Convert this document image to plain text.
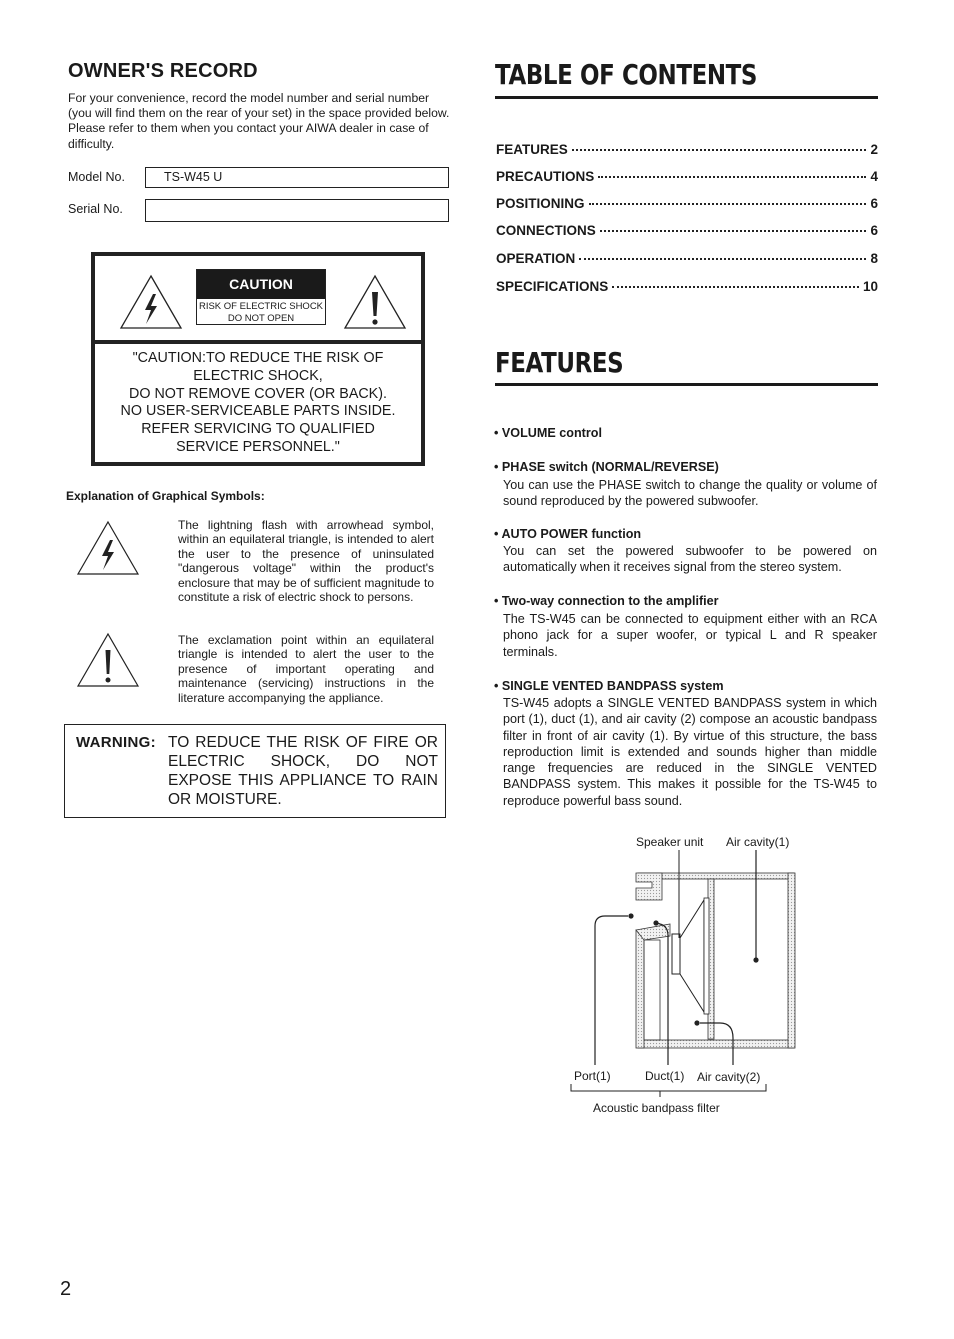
OWNER'S RECORD

For your convenience, record the model number and serial number (you will find them on the rear of your set) in the space provided below. Please refer to them when you contact your AIWA dealer in case of difficulty.

Model No.	TS-W45 U
Serial No.
CAUTION
RISK OF ELECTRIC SHOCK
DO NOT OPEN
"CAUTION:TO REDUCE THE RISK OF
ELECTRIC SHOCK,
DO NOT REMOVE COVER (OR BACK).
NO USER-SERVICEABLE PARTS INSIDE.
REFER SERVICING TO QUALIFIED
SERVICE PERSONNEL."
Explanation of Graphical Symbols:

The lightning flash with arrowhead symbol, within an equilateral triangle, is intended to alert the user to the presence of uninsulated "dangerous voltage" within the product's enclosure that may be of sufficient magnitude to constitute a risk of electric shock to persons.

The exclamation point within an equilateral triangle is intended to alert the user to the presence of important operating and maintenance (servicing) instructions in the literature accompanying the appliance.

WARNING: TO REDUCE THE RISK OF FIRE OR ELECTRIC SHOCK, DO NOT EXPOSE THIS APPLIANCE TO RAIN OR MOISTURE.

TABLE OF CONTENTS
FEATURES	2
PRECAUTIONS	4
POSITIONING	6
CONNECTIONS	6
OPERATION	8
SPECIFICATIONS	10
FEATURES

• VOLUME control

• PHASE switch (NORMAL/REVERSE)

You can use the PHASE switch to change the quality or volume of sound reproduced by the powered subwoofer.

• AUTO POWER function

You can set the powered subwoofer to be powered on automatically when it receives signal from the stereo system.

• Two-way connection to the amplifier

The TS-W45 can be connected to equipment either with an RCA phono jack for a super woofer, or typical L and R speaker terminals.

• SINGLE VENTED BANDPASS system

TS-W45 adopts a SINGLE VENTED BANDPASS system in which port (1), duct (1), and air cavity (2) compose an acoustic bandpass filter in front of air cavity (1). By virtue of this structure, the bass reproduction limit is extended and sounds higher than middle range frequencies are reduced in the SINGLE VENTED BANDPASS system. This makes it possible for the TS-W45 to reproduce powerful bass sound.

Speaker unit Air cavity(1)
Port(1)	Duct(1) Air cavity(2)
Acoustic bandpass filter
2
